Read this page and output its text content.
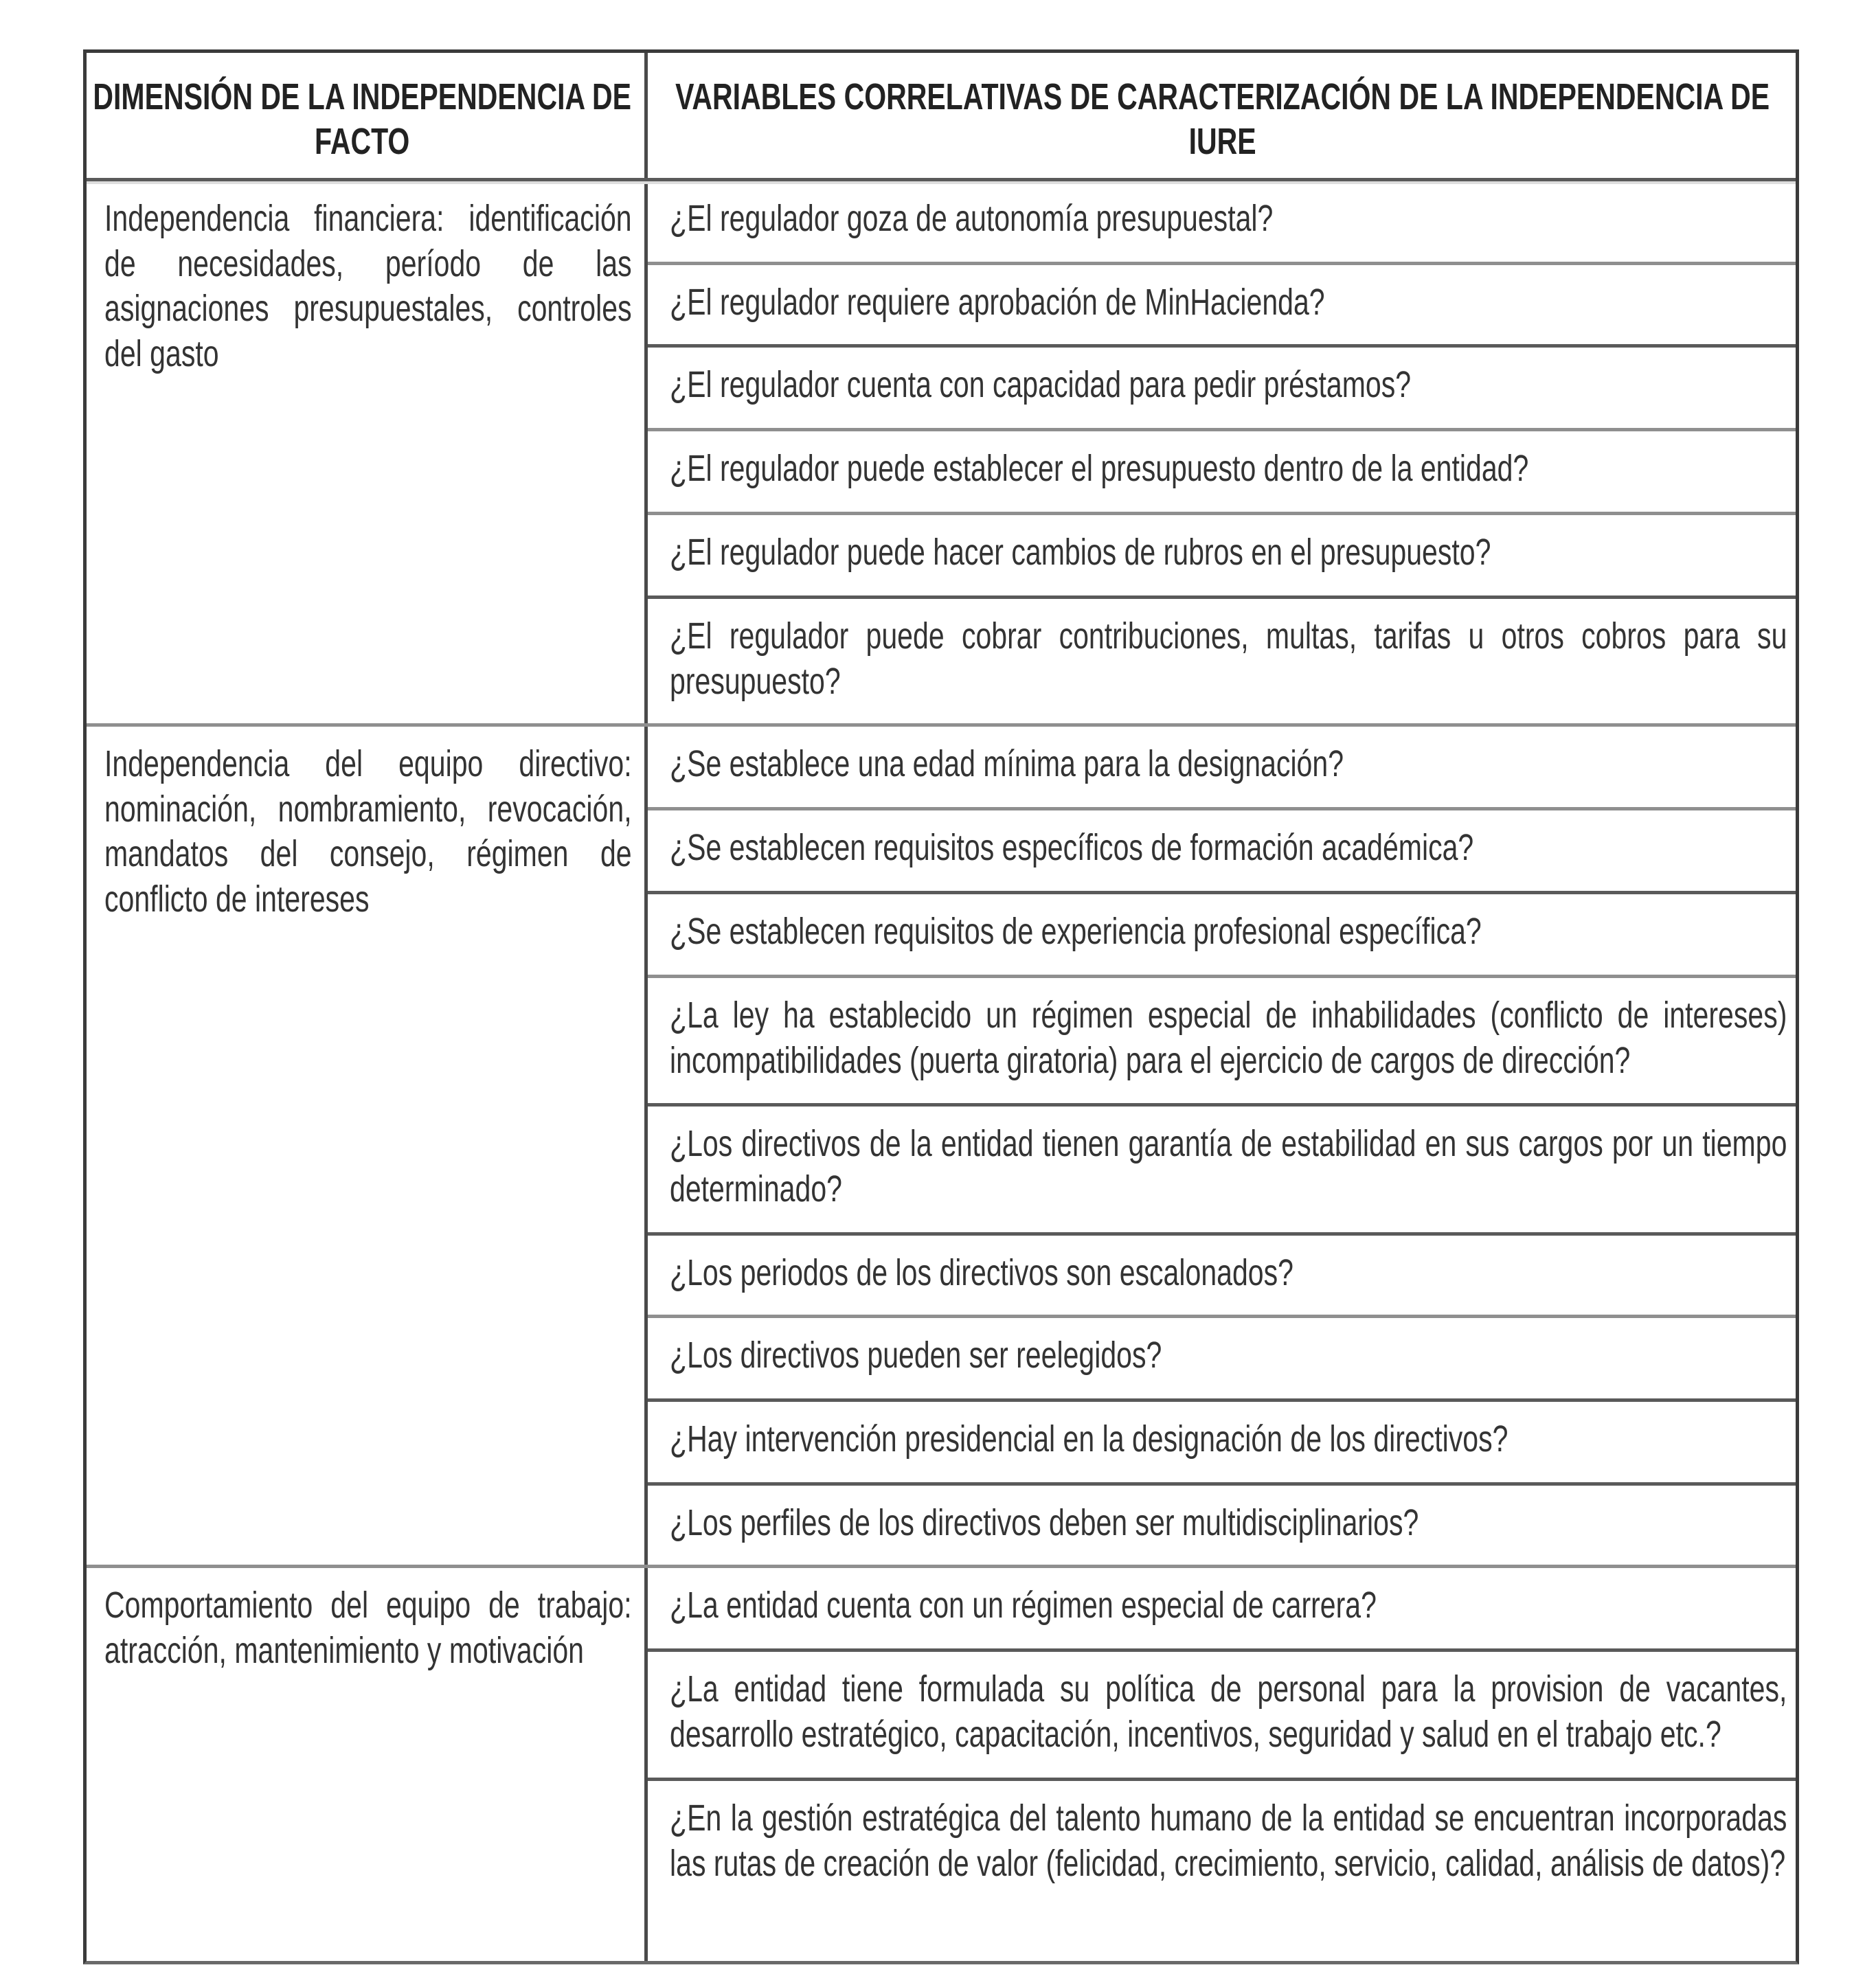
DIMENSIÓN DE LA INDEPENDENCIA DE FACTO
VARIABLES CORRELATIVAS DE CARACTERIZACIÓN DE LA INDEPENDENCIA DE IURE
Independencia financiera: identificación de necesidades, período de las asignaciones presupuestales, controles del gasto
¿El regulador goza de autonomía presupuestal?
¿El regulador requiere aprobación de MinHacienda?
¿El regulador cuenta con capacidad para pedir préstamos?
¿El regulador puede establecer el presupuesto dentro de la entidad?
¿El regulador puede hacer cambios de rubros en el presupuesto?
¿El regulador puede cobrar contribuciones, multas, tarifas u otros cobros para su presupuesto?
Independencia del equipo directivo: nominación, nombramiento, revocación, mandatos del consejo, régimen de conflicto de intereses
¿Se establece una edad mínima para la designación?
¿Se establecen requisitos específicos de formación académica?
¿Se establecen requisitos de experiencia profesional específica?
¿La ley ha establecido un régimen especial de inhabilidades (conflicto de intereses) incompatibilidades (puerta giratoria) para el ejercicio de cargos de dirección?
¿Los directivos de la entidad tienen garantía de estabilidad en sus cargos por un tiempo determinado?
¿Los periodos de los directivos son escalonados?
¿Los directivos pueden ser reelegidos?
¿Hay intervención presidencial en la designación de los directivos?
¿Los perfiles de los directivos deben ser multidisciplinarios?
Comportamiento del equipo de trabajo: atracción, mantenimiento y motivación
¿La entidad cuenta con un régimen especial de carrera?
¿La entidad tiene formulada su política de personal para la provision de vacantes, desarrollo estratégico, capacitación, incentivos, seguridad y salud en el trabajo etc.?
¿En la gestión estratégica del talento humano de la entidad se encuentran incorporadas las rutas de creación de valor (felicidad, crecimiento, servicio, calidad, análisis de datos)?
